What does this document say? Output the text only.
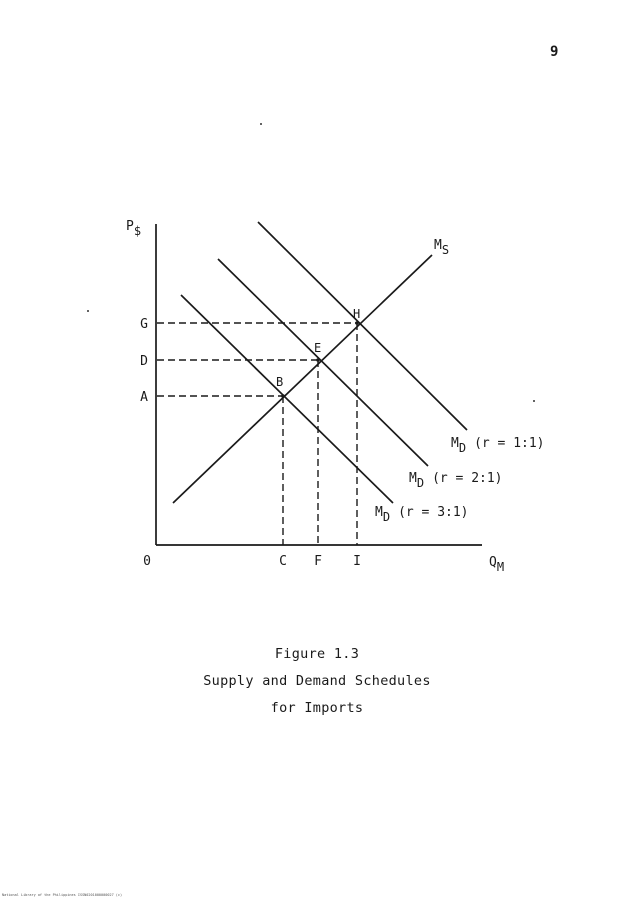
9
P$
QM
0
MS
MD (r = 1:1)
MD (r = 2:1)
MD (r = 3:1)
H
G
I
E
D
F
B
A
C
Figure 1.3
Supply and Demand Schedules
for Imports
National Library of the Philippines ISSN0201000000027 (c)
